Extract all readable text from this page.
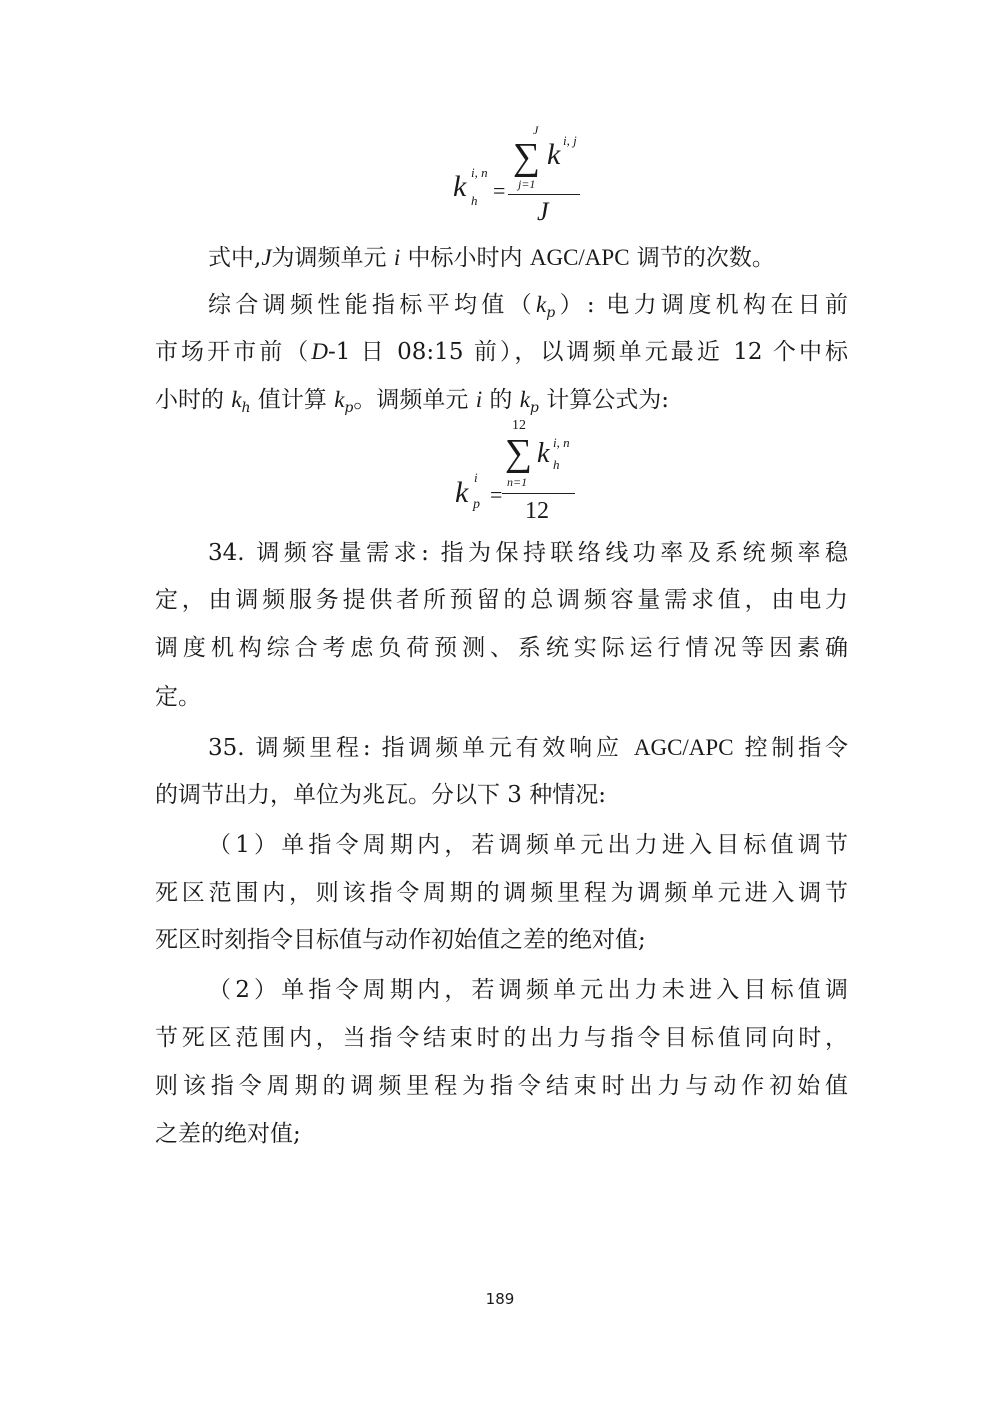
k i, n
h =
J
∑ k i, j
j=1
J
k i
p =
12
∑ k i, n
h
n=1
12
式中,J为调频单元 i 中标小时内 AGC/APC 调节的次数。
综合调频性能指标平均值$(k_p)$: 电力调度机构在日前
市场开市前（D-1 日 08:15 前），以调频单元最近 12 个中标
小时的 $k_h$ 值计算 $k_p$。调频单元 i 的 $k_p$ 计算公式为:
34. 调频容量需求: 指为保持联络线功率及系统频率稳
定，由调频服务提供者所预留的总调频容量需求值，由电力
调度机构综合考虑负荷预测、系统实际运行情况等因素确
定。
35. 调频里程: 指调频单元有效响应 AGC/APC 控制指令
的调节出力，单位为兆瓦。分以下 3 种情况:
（1）单指令周期内，若调频单元出力进入目标值调节
死区范围内，则该指令周期的调频里程为调频单元进入调节
死区时刻指令目标值与动作初始值之差的绝对值;
（2）单指令周期内，若调频单元出力未进入目标值调
节死区范围内，当指令结束时的出力与指令目标值同向时，
则该指令周期的调频里程为指令结束时出力与动作初始值
之差的绝对值;
189
